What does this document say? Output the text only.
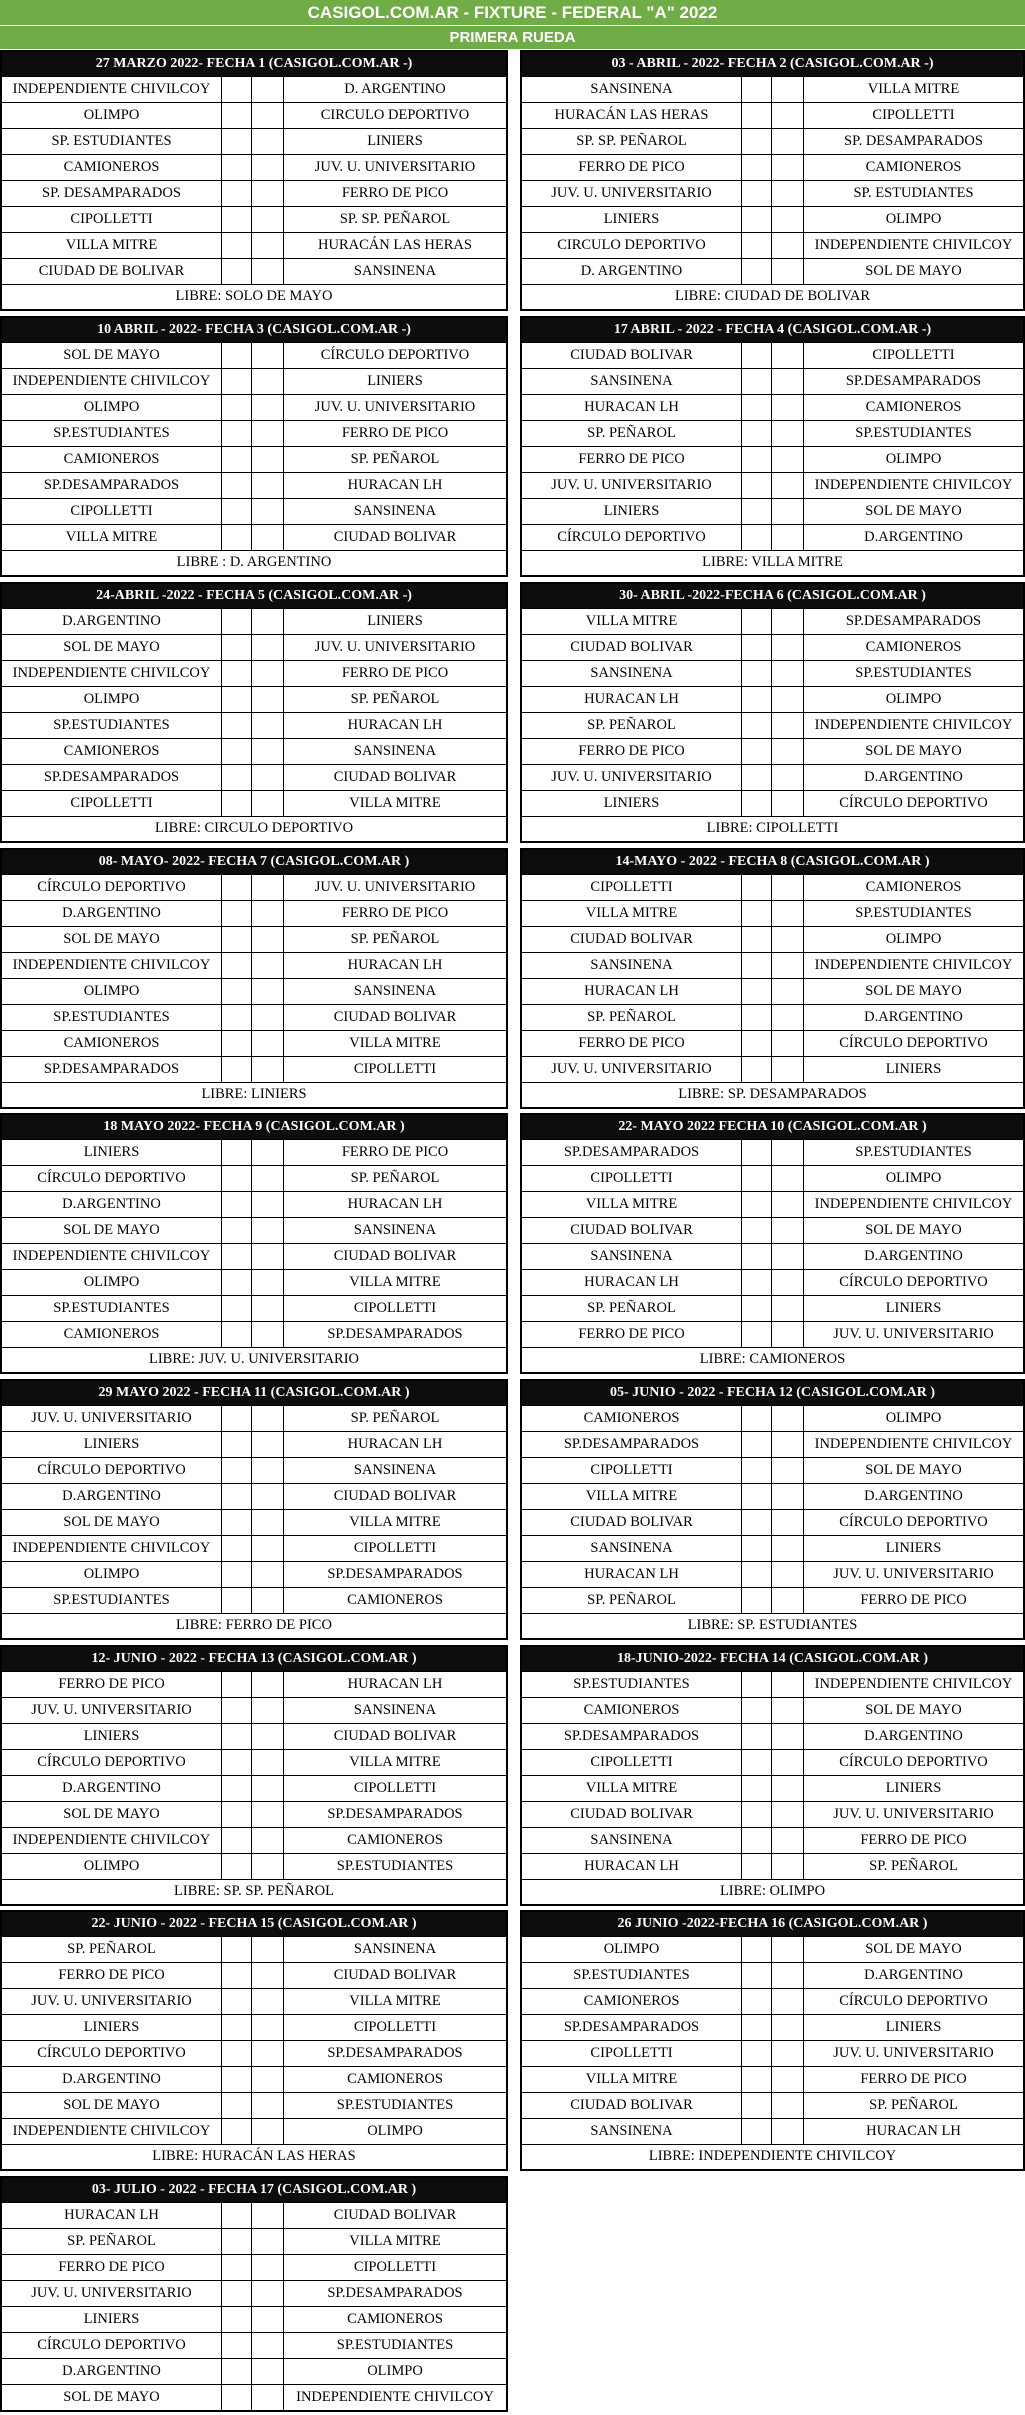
CASIGOL.COM.AR - FIXTURE - FEDERAL "A" 2022
PRIMERA RUEDA
27 MARZO 2022- FECHA 1 (CASIGOL.COM.AR -)
INDEPENDIENTE CHIVILCOY	D. ARGENTINO
OLIMPO	CIRCULO DEPORTIVO
SP. ESTUDIANTES	LINIERS
CAMIONEROS	JUV. U. UNIVERSITARIO
SP. DESAMPARADOS	FERRO DE PICO
CIPOLLETTI	SP. SP. PEÑAROL
VILLA MITRE	HURACÁN LAS HERAS
CIUDAD DE BOLIVAR	SANSINENA
LIBRE: SOLO DE MAYO
03 - ABRIL - 2022- FECHA 2 (CASIGOL.COM.AR -)
SANSINENA	VILLA MITRE
HURACÁN LAS HERAS	CIPOLLETTI
SP. SP. PEÑAROL	SP. DESAMPARADOS
FERRO DE PICO	CAMIONEROS
JUV. U. UNIVERSITARIO	SP. ESTUDIANTES
LINIERS	OLIMPO
CIRCULO DEPORTIVO	INDEPENDIENTE CHIVILCOY
D. ARGENTINO	SOL DE MAYO
LIBRE: CIUDAD DE BOLIVAR
10 ABRIL - 2022- FECHA 3 (CASIGOL.COM.AR -)
SOL DE MAYO	CÍRCULO DEPORTIVO
INDEPENDIENTE CHIVILCOY	LINIERS
OLIMPO	JUV. U. UNIVERSITARIO
SP.ESTUDIANTES	FERRO DE PICO
CAMIONEROS	SP. PEÑAROL
SP.DESAMPARADOS	HURACAN LH
CIPOLLETTI	SANSINENA
VILLA MITRE	CIUDAD BOLIVAR
LIBRE : D. ARGENTINO
17 ABRIL - 2022 - FECHA 4 (CASIGOL.COM.AR -)
CIUDAD BOLIVAR	CIPOLLETTI
SANSINENA	SP.DESAMPARADOS
HURACAN LH	CAMIONEROS
SP. PEÑAROL	SP.ESTUDIANTES
FERRO DE PICO	OLIMPO
JUV. U. UNIVERSITARIO	INDEPENDIENTE CHIVILCOY
LINIERS	SOL DE MAYO
CÍRCULO DEPORTIVO	D.ARGENTINO
LIBRE: VILLA MITRE
24-ABRIL -2022 - FECHA 5 (CASIGOL.COM.AR -)
D.ARGENTINO	LINIERS
SOL DE MAYO	JUV. U. UNIVERSITARIO
INDEPENDIENTE CHIVILCOY	FERRO DE PICO
OLIMPO	SP. PEÑAROL
SP.ESTUDIANTES	HURACAN LH
CAMIONEROS	SANSINENA
SP.DESAMPARADOS	CIUDAD BOLIVAR
CIPOLLETTI	VILLA MITRE
LIBRE: CIRCULO DEPORTIVO
30- ABRIL -2022-FECHA 6 (CASIGOL.COM.AR )
VILLA MITRE	SP.DESAMPARADOS
CIUDAD BOLIVAR	CAMIONEROS
SANSINENA	SP.ESTUDIANTES
HURACAN LH	OLIMPO
SP. PEÑAROL	INDEPENDIENTE CHIVILCOY
FERRO DE PICO	SOL DE MAYO
JUV. U. UNIVERSITARIO	D.ARGENTINO
LINIERS	CÍRCULO DEPORTIVO
LIBRE: CIPOLLETTI
08- MAYO- 2022- FECHA 7 (CASIGOL.COM.AR )
CÍRCULO DEPORTIVO	JUV. U. UNIVERSITARIO
D.ARGENTINO	FERRO DE PICO
SOL DE MAYO	SP. PEÑAROL
INDEPENDIENTE CHIVILCOY	HURACAN LH
OLIMPO	SANSINENA
SP.ESTUDIANTES	CIUDAD BOLIVAR
CAMIONEROS	VILLA MITRE
SP.DESAMPARADOS	CIPOLLETTI
LIBRE: LINIERS
14-MAYO - 2022 - FECHA 8 (CASIGOL.COM.AR )
CIPOLLETTI	CAMIONEROS
VILLA MITRE	SP.ESTUDIANTES
CIUDAD BOLIVAR	OLIMPO
SANSINENA	INDEPENDIENTE CHIVILCOY
HURACAN LH	SOL DE MAYO
SP. PEÑAROL	D.ARGENTINO
FERRO DE PICO	CÍRCULO DEPORTIVO
JUV. U. UNIVERSITARIO	LINIERS
LIBRE: SP. DESAMPARADOS
18 MAYO 2022- FECHA 9 (CASIGOL.COM.AR )
LINIERS	FERRO DE PICO
CÍRCULO DEPORTIVO	SP. PEÑAROL
D.ARGENTINO	HURACAN LH
SOL DE MAYO	SANSINENA
INDEPENDIENTE CHIVILCOY	CIUDAD BOLIVAR
OLIMPO	VILLA MITRE
SP.ESTUDIANTES	CIPOLLETTI
CAMIONEROS	SP.DESAMPARADOS
LIBRE: JUV. U. UNIVERSITARIO
22- MAYO 2022 FECHA 10 (CASIGOL.COM.AR )
SP.DESAMPARADOS	SP.ESTUDIANTES
CIPOLLETTI	OLIMPO
VILLA MITRE	INDEPENDIENTE CHIVILCOY
CIUDAD BOLIVAR	SOL DE MAYO
SANSINENA	D.ARGENTINO
HURACAN LH	CÍRCULO DEPORTIVO
SP. PEÑAROL	LINIERS
FERRO DE PICO	JUV. U. UNIVERSITARIO
LIBRE: CAMIONEROS
29 MAYO 2022 - FECHA 11 (CASIGOL.COM.AR )
JUV. U. UNIVERSITARIO	SP. PEÑAROL
LINIERS	HURACAN LH
CÍRCULO DEPORTIVO	SANSINENA
D.ARGENTINO	CIUDAD BOLIVAR
SOL DE MAYO	VILLA MITRE
INDEPENDIENTE CHIVILCOY	CIPOLLETTI
OLIMPO	SP.DESAMPARADOS
SP.ESTUDIANTES	CAMIONEROS
LIBRE: FERRO DE PICO
05- JUNIO - 2022 - FECHA 12 (CASIGOL.COM.AR )
CAMIONEROS	OLIMPO
SP.DESAMPARADOS	INDEPENDIENTE CHIVILCOY
CIPOLLETTI	SOL DE MAYO
VILLA MITRE	D.ARGENTINO
CIUDAD BOLIVAR	CÍRCULO DEPORTIVO
SANSINENA	LINIERS
HURACAN LH	JUV. U. UNIVERSITARIO
SP. PEÑAROL	FERRO DE PICO
LIBRE: SP. ESTUDIANTES
12- JUNIO - 2022 - FECHA 13 (CASIGOL.COM.AR )
FERRO DE PICO	HURACAN LH
JUV. U. UNIVERSITARIO	SANSINENA
LINIERS	CIUDAD BOLIVAR
CÍRCULO DEPORTIVO	VILLA MITRE
D.ARGENTINO	CIPOLLETTI
SOL DE MAYO	SP.DESAMPARADOS
INDEPENDIENTE CHIVILCOY	CAMIONEROS
OLIMPO	SP.ESTUDIANTES
LIBRE: SP. SP. PEÑAROL
18-JUNIO-2022- FECHA 14 (CASIGOL.COM.AR )
SP.ESTUDIANTES	INDEPENDIENTE CHIVILCOY
CAMIONEROS	SOL DE MAYO
SP.DESAMPARADOS	D.ARGENTINO
CIPOLLETTI	CÍRCULO DEPORTIVO
VILLA MITRE	LINIERS
CIUDAD BOLIVAR	JUV. U. UNIVERSITARIO
SANSINENA	FERRO DE PICO
HURACAN LH	SP. PEÑAROL
LIBRE: OLIMPO
22- JUNIO - 2022 - FECHA 15 (CASIGOL.COM.AR )
SP. PEÑAROL	SANSINENA
FERRO DE PICO	CIUDAD BOLIVAR
JUV. U. UNIVERSITARIO	VILLA MITRE
LINIERS	CIPOLLETTI
CÍRCULO DEPORTIVO	SP.DESAMPARADOS
D.ARGENTINO	CAMIONEROS
SOL DE MAYO	SP.ESTUDIANTES
INDEPENDIENTE CHIVILCOY	OLIMPO
LIBRE: HURACÁN LAS HERAS
26 JUNIO -2022-FECHA 16 (CASIGOL.COM.AR )
OLIMPO	SOL DE MAYO
SP.ESTUDIANTES	D.ARGENTINO
CAMIONEROS	CÍRCULO DEPORTIVO
SP.DESAMPARADOS	LINIERS
CIPOLLETTI	JUV. U. UNIVERSITARIO
VILLA MITRE	FERRO DE PICO
CIUDAD BOLIVAR	SP. PEÑAROL
SANSINENA	HURACAN LH
LIBRE: INDEPENDIENTE CHIVILCOY
03- JULIO - 2022 - FECHA 17 (CASIGOL.COM.AR )
HURACAN LH	CIUDAD BOLIVAR
SP. PEÑAROL	VILLA MITRE
FERRO DE PICO	CIPOLLETTI
JUV. U. UNIVERSITARIO	SP.DESAMPARADOS
LINIERS	CAMIONEROS
CÍRCULO DEPORTIVO	SP.ESTUDIANTES
D.ARGENTINO	OLIMPO
SOL DE MAYO	INDEPENDIENTE CHIVILCOY
